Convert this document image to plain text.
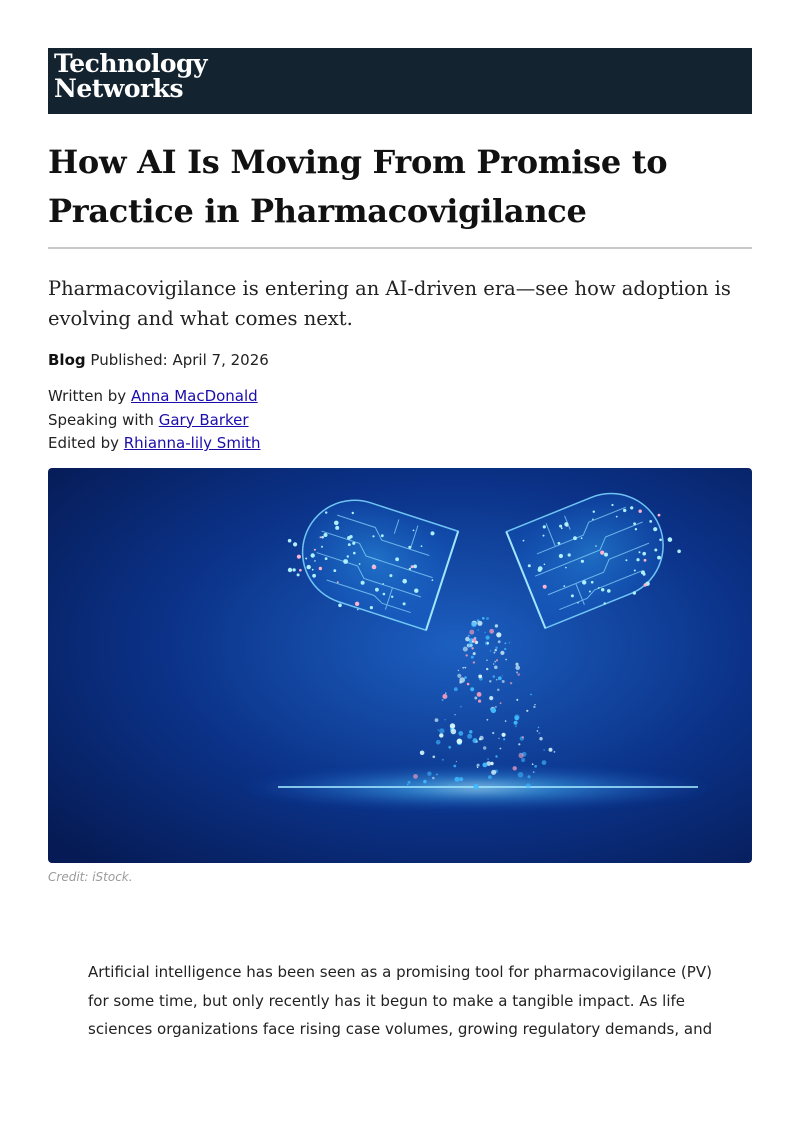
Technology
Networks
How AI Is Moving From Promise to Practice in Pharmacovigilance

Pharmacovigilance is entering an AI-driven era—see how adoption is evolving and what comes next.

Blog Published: April 7, 2026
Written by Anna MacDonald
Speaking with Gary Barker
Edited by Rhianna-lily Smith
Credit: iStock.

Artificial intelligence has been seen as a promising tool for pharmacovigilance (PV) for some time, but only recently has it begun to make a tangible impact. As life sciences organizations face rising case volumes, growing regulatory demands, and
